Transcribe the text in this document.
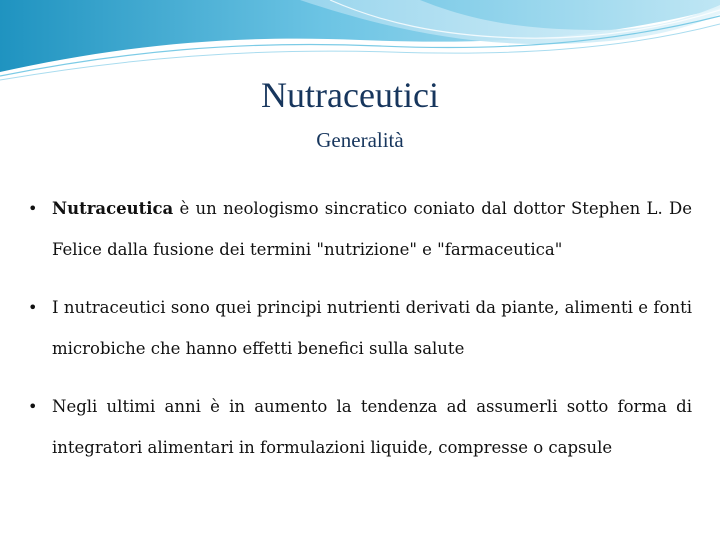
Nutraceutici
Generalità
• Nutraceutica è un neologismo sincratico coniato dal dottor Stephen L. De Felice dalla fusione dei termini "nutrizione" e "farmaceutica"
• I nutraceutici sono quei principi nutrienti derivati da piante, alimenti e fonti microbiche che hanno effetti benefici sulla salute
• Negli ultimi anni è in aumento la tendenza ad assumerli sotto forma di integratori alimentari in formulazioni liquide, compresse o capsule
